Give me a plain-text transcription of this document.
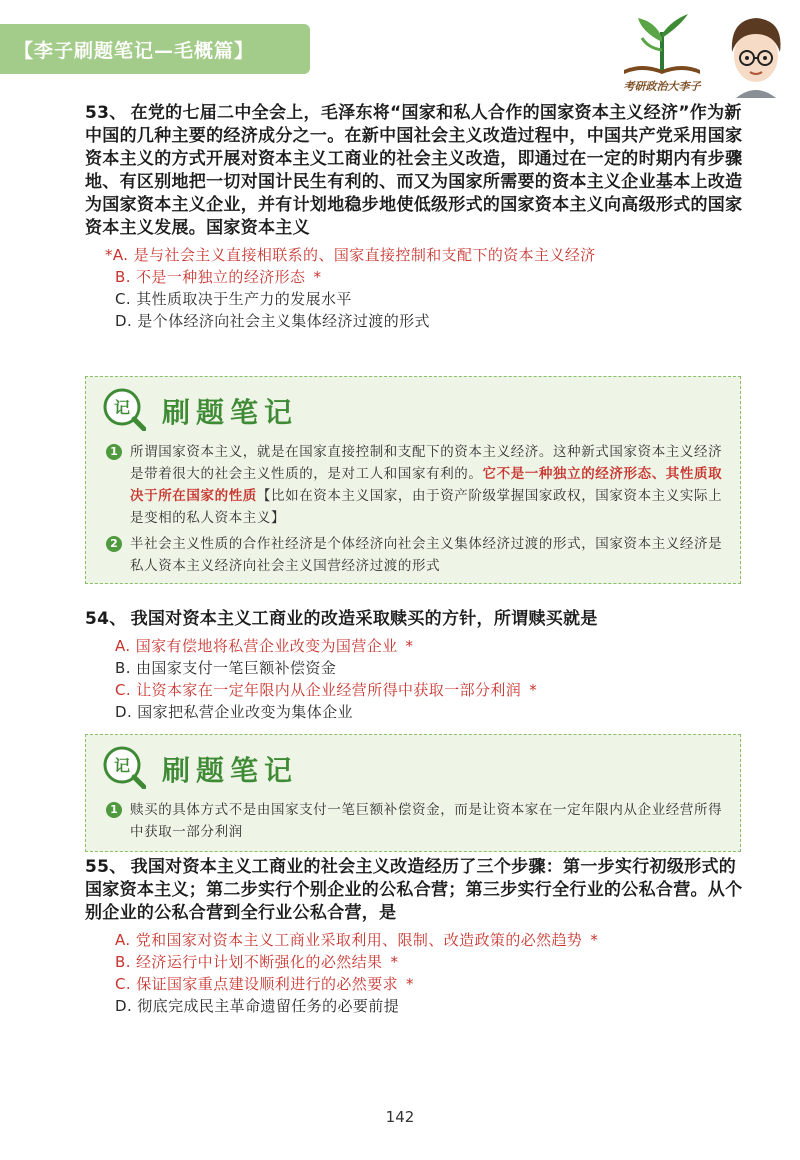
【李子刷题笔记—毛概篇】
考研政治大李子
53、 在党的七届二中全会上，毛泽东将“国家和私人合作的国家资本主义经济”作为新中国的几种主要的经济成分之一。在新中国社会主义改造过程中，中国共产党采用国家资本主义的方式开展对资本主义工商业的社会主义改造，即通过在一定的时期内有步骤地、有区别地把一切对国计民生有利的、而又为国家所需要的资本主义企业基本上改造为国家资本主义企业，并有计划地稳步地使低级形式的国家资本主义向高级形式的国家资本主义发展。国家资本主义
*A. 是与社会主义直接相联系的、国家直接控制和支配下的资本主义经济
B. 不是一种独立的经济形态 *
C. 其性质取决于生产力的发展水平
D. 是个体经济向社会主义集体经济过渡的形式
记 刷题笔记
1 所谓国家资本主义，就是在国家直接控制和支配下的资本主义经济。这种新式国家资本主义经济是带着很大的社会主义性质的，是对工人和国家有利的。它不是一种独立的经济形态、其性质取决于所在国家的性质【比如在资本主义国家，由于资产阶级掌握国家政权，国家资本主义实际上是变相的私人资本主义】
2 半社会主义性质的合作社经济是个体经济向社会主义集体经济过渡的形式，国家资本主义经济是私人资本主义经济向社会主义国营经济过渡的形式
54、 我国对资本主义工商业的改造采取赎买的方针，所谓赎买就是
A. 国家有偿地将私营企业改变为国营企业 *
B. 由国家支付一笔巨额补偿资金
C. 让资本家在一定年限内从企业经营所得中获取一部分利润 *
D. 国家把私营企业改变为集体企业
记 刷题笔记
1 赎买的具体方式不是由国家支付一笔巨额补偿资金，而是让资本家在一定年限内从企业经营所得中获取一部分利润
55、 我国对资本主义工商业的社会主义改造经历了三个步骤：第一步实行初级形式的国家资本主义；第二步实行个别企业的公私合营；第三步实行全行业的公私合营。从个别企业的公私合营到全行业公私合营，是
A. 党和国家对资本主义工商业采取利用、限制、改造政策的必然趋势 *
B. 经济运行中计划不断强化的必然结果 *
C. 保证国家重点建设顺利进行的必然要求 *
D. 彻底完成民主革命遗留任务的必要前提
142
